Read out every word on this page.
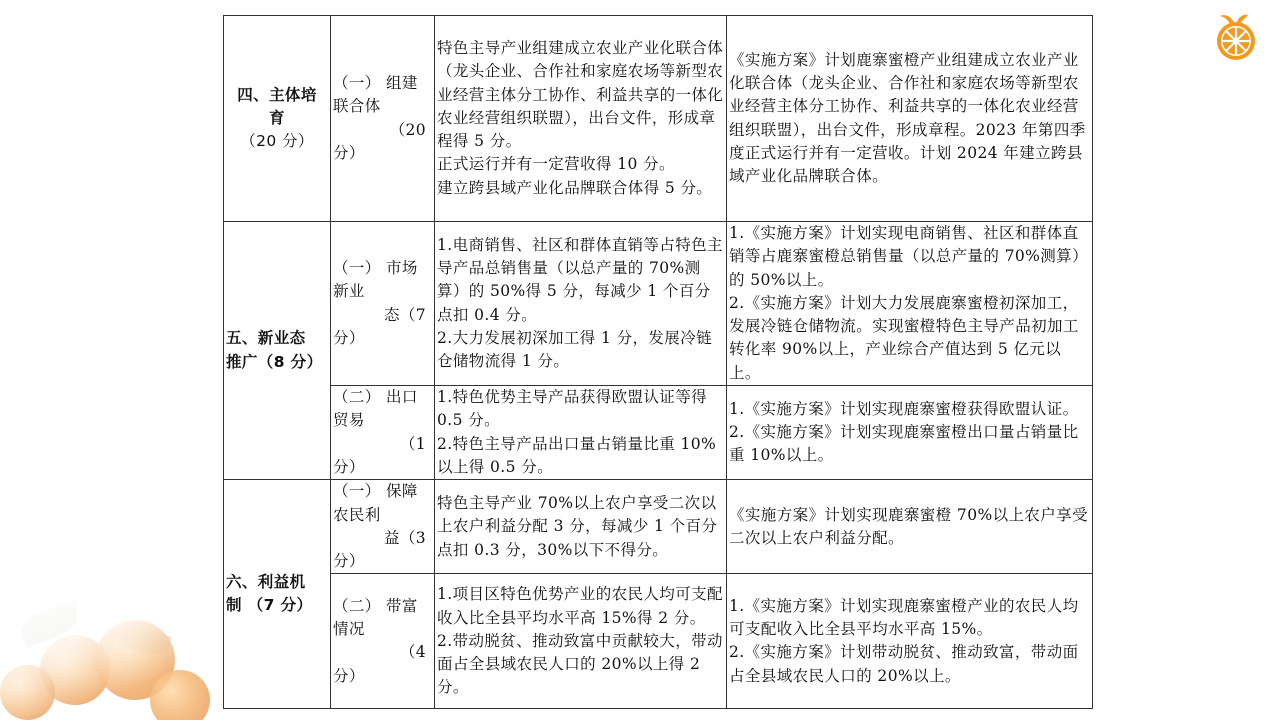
四、主体培
育
（20 分）	（一） 组建
联合体
（20
分）	特色主导产业组建成立农业产业化联合体（龙头企业、合作社和家庭农场等新型农业经营主体分工协作、利益共享的一体化农业经营组织联盟），出台文件，形成章程得 5 分。
正式运行并有一定营收得 10 分。
建立跨县域产业化品牌联合体得 5 分。	《实施方案》计划鹿寨蜜橙产业组建成立农业产业化联合体（龙头企业、合作社和家庭农场等新型农业经营主体分工协作、利益共享的一体化农业经营组织联盟），出台文件，形成章程。2023 年第四季度正式运行并有一定营收。计划 2024 年建立跨县域产业化品牌联合体。

五、新业态
推广（8 分）	（一） 市场
新业
态（7
分）	1.电商销售、社区和群体直销等占特色主导产品总销售量（以总产量的 70%测算）的 50%得 5 分，每减少 1 个百分点扣 0.4 分。
2.大力发展初深加工得 1 分，发展冷链仓储物流得 1 分。	1.《实施方案》计划实现电商销售、社区和群体直销等占鹿寨蜜橙总销售量（以总产量的 70%测算）的 50%以上。
2.《实施方案》计划大力发展鹿寨蜜橙初深加工，发展冷链仓储物流。实现蜜橙特色主导产品初加工转化率 90%以上，产业综合产值达到 5 亿元以上。

	（二） 出口
贸易
（1
分）	1.特色优势主导产品获得欧盟认证等得 0.5 分。
2.特色主导产品出口量占销量比重 10%以上得 0.5 分。	1.《实施方案》计划实现鹿寨蜜橙获得欧盟认证。
2.《实施方案》计划实现鹿寨蜜橙出口量占销量比重 10%以上。

六、利益机
制 （7 分）	（一） 保障
农民利
益（3
分）	特色主导产业 70%以上农户享受二次以上农户利益分配 3 分，每减少 1 个百分点扣 0.3 分，30%以下不得分。	《实施方案》计划实现鹿寨蜜橙 70%以上农户享受二次以上农户利益分配。

	（二） 带富
情况
（4
分）	1.项目区特色优势产业的农民人均可支配收入比全县平均水平高 15%得 2 分。
2.带动脱贫、推动致富中贡献较大，带动面占全县域农民人口的 20%以上得 2 分。	1.《实施方案》计划实现鹿寨蜜橙产业的农民人均可支配收入比全县平均水平高 15%。
2.《实施方案》计划带动脱贫、推动致富，带动面占全县域农民人口的 20%以上。
